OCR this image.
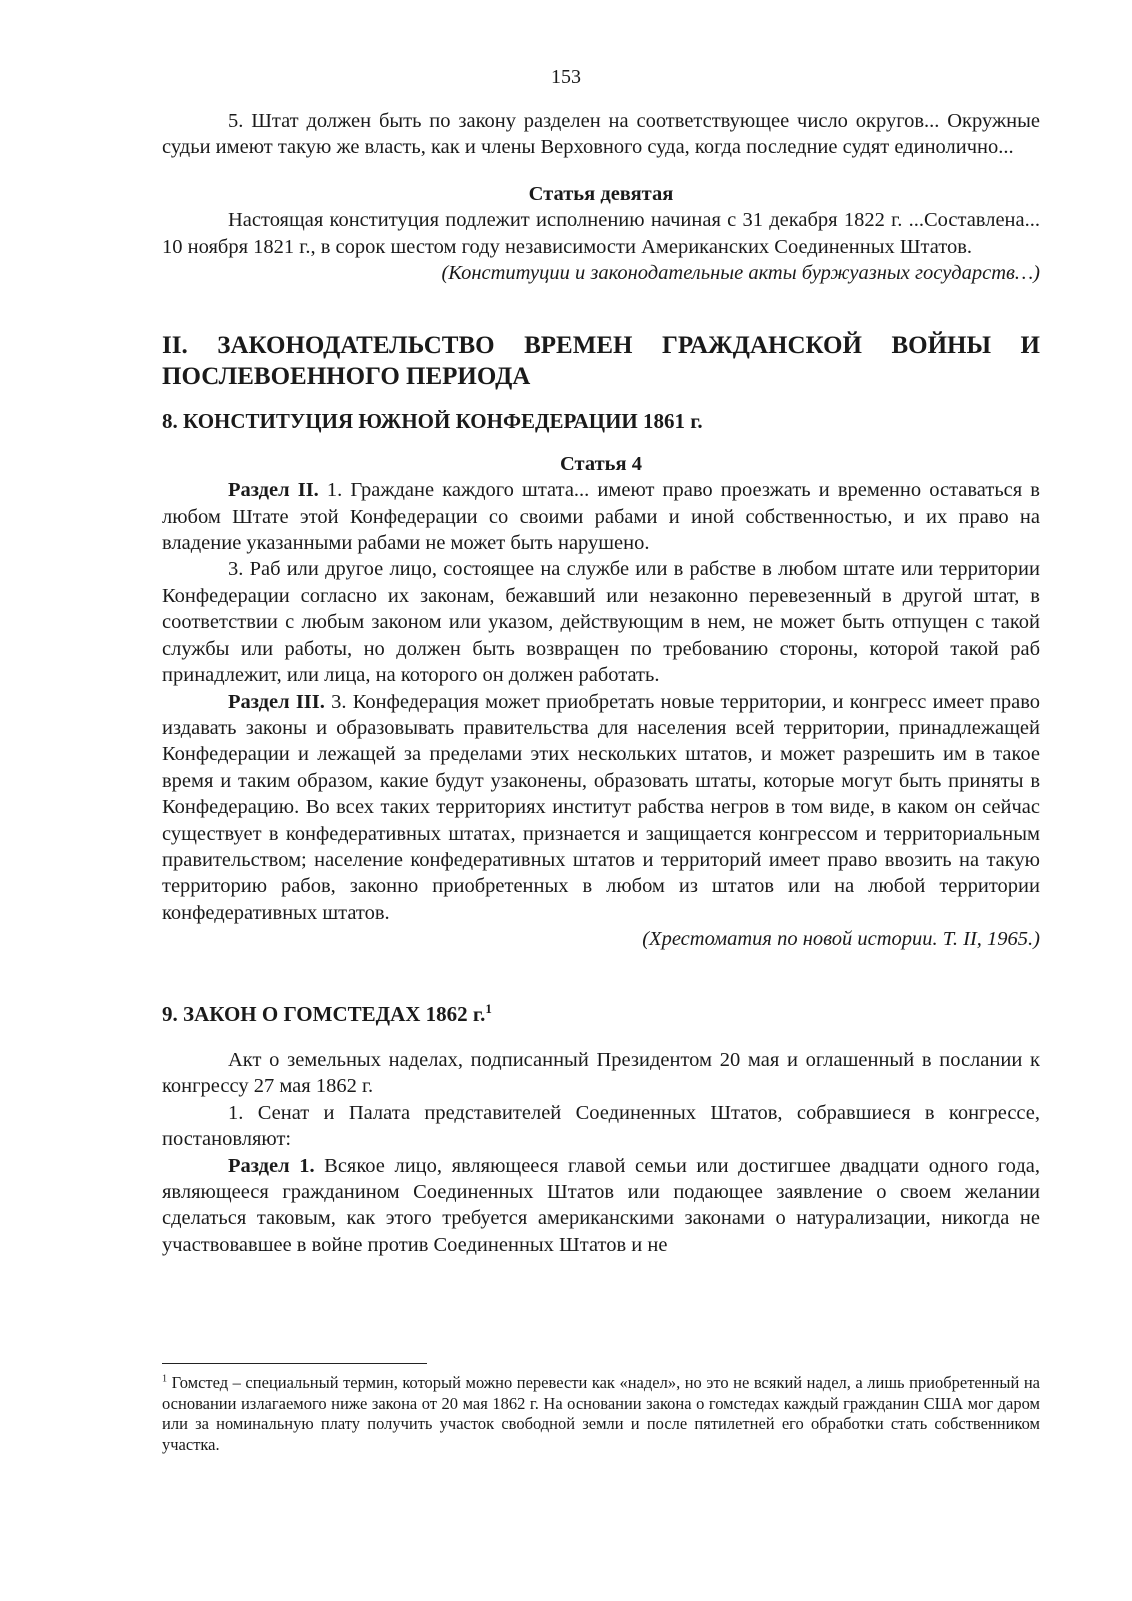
153

5. Штат должен быть по закону разделен на соответствующее число округов... Окружные судьи имеют такую же власть, как и члены Верховного суда, когда последние судят единолично...

Статья девятая

Настоящая конституция подлежит исполнению начиная с 31 декабря 1822 г. ...Составлена... 10 ноября 1821 г., в сорок шестом году независимости Американских Соединенных Штатов.

(Конституции и законодательные акты буржуазных государств…)

II. ЗАКОНОДАТЕЛЬСТВО ВРЕМЕН ГРАЖДАНСКОЙ ВОЙНЫ И ПОСЛЕВОЕННОГО ПЕРИОДА

8. КОНСТИТУЦИЯ ЮЖНОЙ КОНФЕДЕРАЦИИ 1861 г.

Статья 4

Раздел II. 1. Граждане каждого штата... имеют право проезжать и временно оставаться в любом Штате этой Конфедерации со своими рабами и иной собственностью, и их право на владение указанными рабами не может быть нарушено.

3. Раб или другое лицо, состоящее на службе или в рабстве в любом штате или территории Конфедерации согласно их законам, бежавший или незаконно перевезенный в другой штат, в соответствии с любым законом или указом, действующим в нем, не может быть отпущен с такой службы или работы, но должен быть возвращен по требованию стороны, которой такой раб принадлежит, или лица, на которого он должен работать.

Раздел III. 3. Конфедерация может приобретать новые территории, и конгресс имеет право издавать законы и образовывать правительства для населения всей территории, принадлежащей Конфедерации и лежащей за пределами этих нескольких штатов, и может разрешить им в такое время и таким образом, какие будут узаконены, образовать штаты, которые могут быть приняты в Конфедерацию. Во всех таких территориях институт рабства негров в том виде, в каком он сейчас существует в конфедеративных штатах, признается и защищается конгрессом и территориальным правительством; население конфедеративных штатов и территорий имеет право ввозить на такую территорию рабов, законно приобретенных в любом из штатов или на любой территории конфедеративных штатов.

(Хрестоматия по новой истории. Т. II, 1965.)

9. ЗАКОН О ГОМСТЕДАХ 1862 г.$^1$

Акт о земельных наделах, подписанный Президентом 20 мая и оглашенный в послании к конгрессу 27 мая 1862 г.

1. Сенат и Палата представителей Соединенных Штатов, собравшиеся в конгрессе, постановляют:

Раздел 1. Всякое лицо, являющееся главой семьи или достигшее двадцати одного года, являющееся гражданином Соединенных Штатов или подающее заявление о своем желании сделаться таковым, как этого требуется американскими законами о натурализации, никогда не участвовавшее в войне против Соединенных Штатов и не

$^1$ Гомстед – специальный термин, который можно перевести как «надел», но это не всякий надел, а лишь приобретенный на основании излагаемого ниже закона от 20 мая 1862 г. На основании закона о гомстедах каждый гражданин США мог даром или за номинальную плату получить участок свободной земли и после пятилетней его обработки стать собственником участка.
